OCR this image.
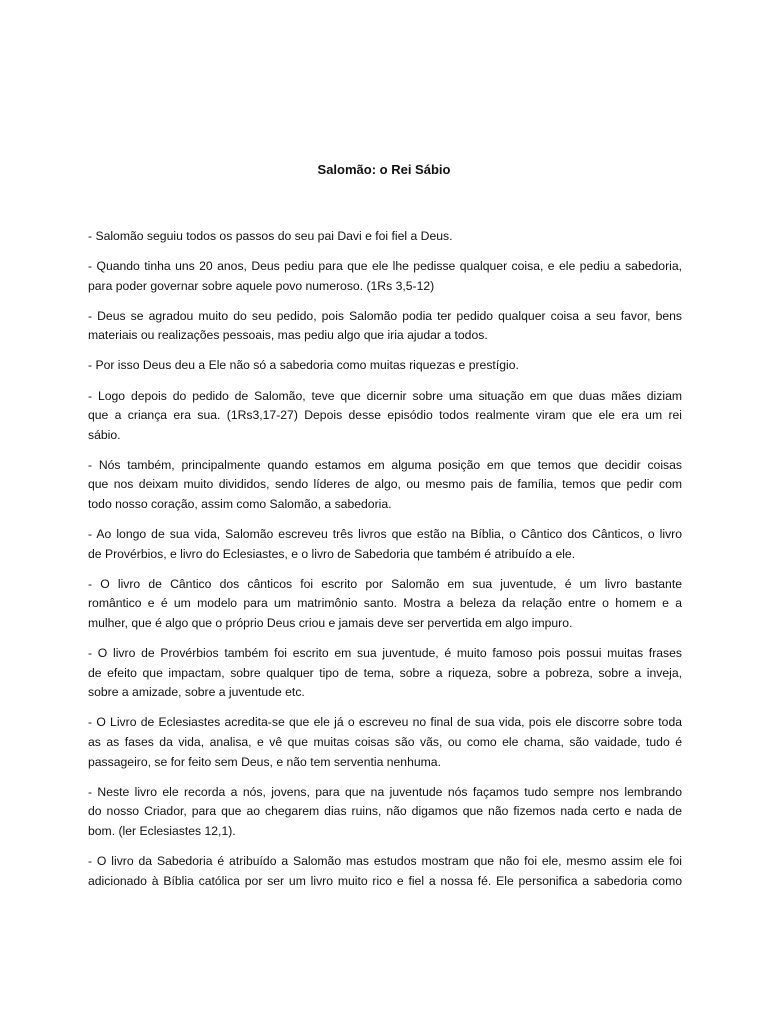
Salomão: o Rei Sábio
- Salomão seguiu todos os passos do seu pai Davi e foi fiel a Deus.
- Quando tinha uns 20 anos, Deus pediu para que ele lhe pedisse qualquer coisa, e ele pediu a sabedoria,
para poder governar sobre aquele povo numeroso. (1Rs 3,5-12)
- Deus se agradou muito do seu pedido, pois Salomão podia ter pedido qualquer coisa a seu favor, bens
materiais ou realizações pessoais, mas pediu algo que iria ajudar a todos.
- Por isso Deus deu a Ele não só a sabedoria como muitas riquezas e prestígio.
- Logo depois do pedido de Salomão, teve que dicernir sobre uma situação em que duas mães diziam
que a criança era sua. (1Rs3,17-27) Depois desse episódio todos realmente viram que ele era um rei
sábio.
- Nós também, principalmente quando estamos em alguma posição em que temos que decidir coisas
que nos deixam muito divididos, sendo líderes de algo, ou mesmo pais de família, temos que pedir com
todo nosso coração, assim como Salomão, a sabedoria.
- Ao longo de sua vida, Salomão escreveu três livros que estão na Bíblia, o Cântico dos Cânticos, o livro
de Provérbios, e livro do Eclesiastes, e o livro de Sabedoria que também é atribuído a ele.
- O livro de Cântico dos cânticos foi escrito por Salomão em sua juventude, é um livro bastante
romântico e é um modelo para um matrimônio santo. Mostra a beleza da relação entre o homem e a
mulher, que é algo que o próprio Deus criou e jamais deve ser pervertida em algo impuro.
- O livro de Provérbios também foi escrito em sua juventude, é muito famoso pois possui muitas frases
de efeito que impactam, sobre qualquer tipo de tema, sobre a riqueza, sobre a pobreza, sobre a inveja,
sobre a amizade, sobre a juventude etc.
- O Livro de Eclesiastes acredita-se que ele já o escreveu no final de sua vida, pois ele discorre sobre toda
as as fases da vida, analisa, e vê que muitas coisas são vãs, ou como ele chama, são vaidade, tudo é
passageiro, se for feito sem Deus, e não tem serventia nenhuma.
- Neste livro ele recorda a nós, jovens, para que na juventude nós façamos tudo sempre nos lembrando
do nosso Criador, para que ao chegarem dias ruins, não digamos que não fizemos nada certo e nada de
bom. (ler Eclesiastes 12,1).
- O livro da Sabedoria é atribuído a Salomão mas estudos mostram que não foi ele, mesmo assim ele foi
adicionado à Bíblia católica por ser um livro muito rico e fiel a nossa fé. Ele personifica a sabedoria como
